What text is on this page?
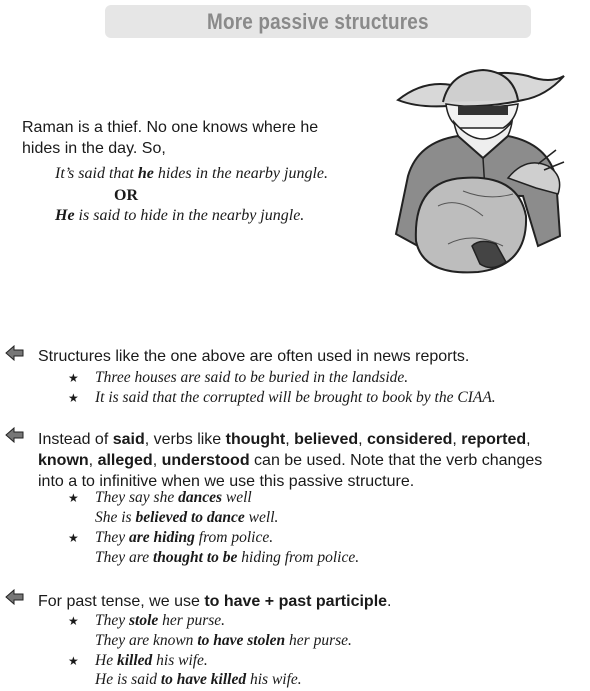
More passive structures
Raman is a thief. No one knows where he
hides in the day. So,
It’s said that he hides in the nearby jungle.
OR
He is said to hide in the nearby jungle.
Structures like the one above are often used in news reports.
★ Three houses are said to be buried in the landside.
★ It is said that the corrupted will be brought to book by the CIAA.
Instead of said, verbs like thought, believed, considered, reported,
known, alleged, understood can be used. Note that the verb changes
into a to infinitive when we use this passive structure.
★ They say she dances well
She is believed to dance well.
★ They are hiding from police.
They are thought to be hiding from police.
For past tense, we use to have + past participle.
★ They stole her purse.
They are known to have stolen her purse.
★ He killed his wife.
He is said to have killed his wife.
